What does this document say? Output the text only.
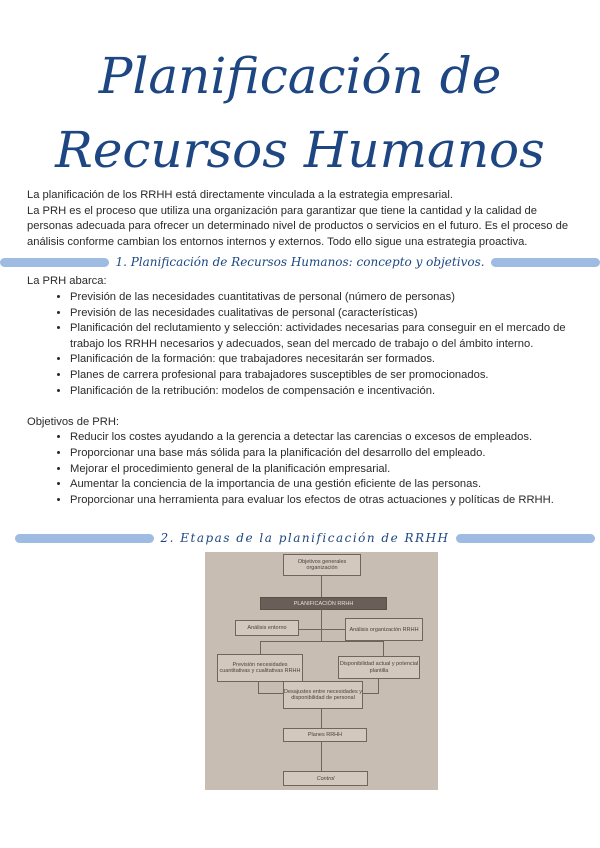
Planificación de
Recursos Humanos
La planificación de los RRHH está directamente vinculada a la estrategia empresarial.
La PRH es el proceso que utiliza una organización para garantizar que tiene la cantidad y la calidad de personas adecuada para ofrecer un determinado nivel de productos o servicios en el futuro. Es el proceso de análisis conforme cambian los entornos internos y externos. Todo ello sigue una estrategia proactiva.
1. Planificación de Recursos Humanos: concepto y objetivos.
La PRH abarca:
• Previsión de las necesidades cuantitativas de personal (número de personas)
• Previsión de las necesidades cualitativas de personal (características)
• Planificación del reclutamiento y selección: actividades necesarias para conseguir en el mercado de trabajo los RRHH necesarios y adecuados, sean del mercado de trabajo o del ámbito interno.
• Planificación de la formación: que trabajadores necesitarán ser formados.
• Planes de carrera profesional para trabajadores susceptibles de ser promocionados.
• Planificación de la retribución: modelos de compensación e incentivación.
Objetivos de PRH:
• Reducir los costes ayudando a la gerencia a detectar las carencias o excesos de empleados.
• Proporcionar una base más sólida para la planificación del desarrollo del empleado.
• Mejorar el procedimiento general de la planificación empresarial.
• Aumentar la conciencia de la importancia de una gestión eficiente de las personas.
• Proporcionar una herramienta para evaluar los efectos de otras actuaciones y políticas de RRHH.
2. Etapas de la planificación de RRHH
Objetivos generales organización
PLANIFICACIÓN RRHH
Análisis entorno	Análisis organización RRHH
Previsión necesidades cuantitativas y cualitativas RRHH
Disponibilidad actual y potencial plantilla
Desajustes entre necesidades y disponibilidad de personal
Planes RRHH
Control
